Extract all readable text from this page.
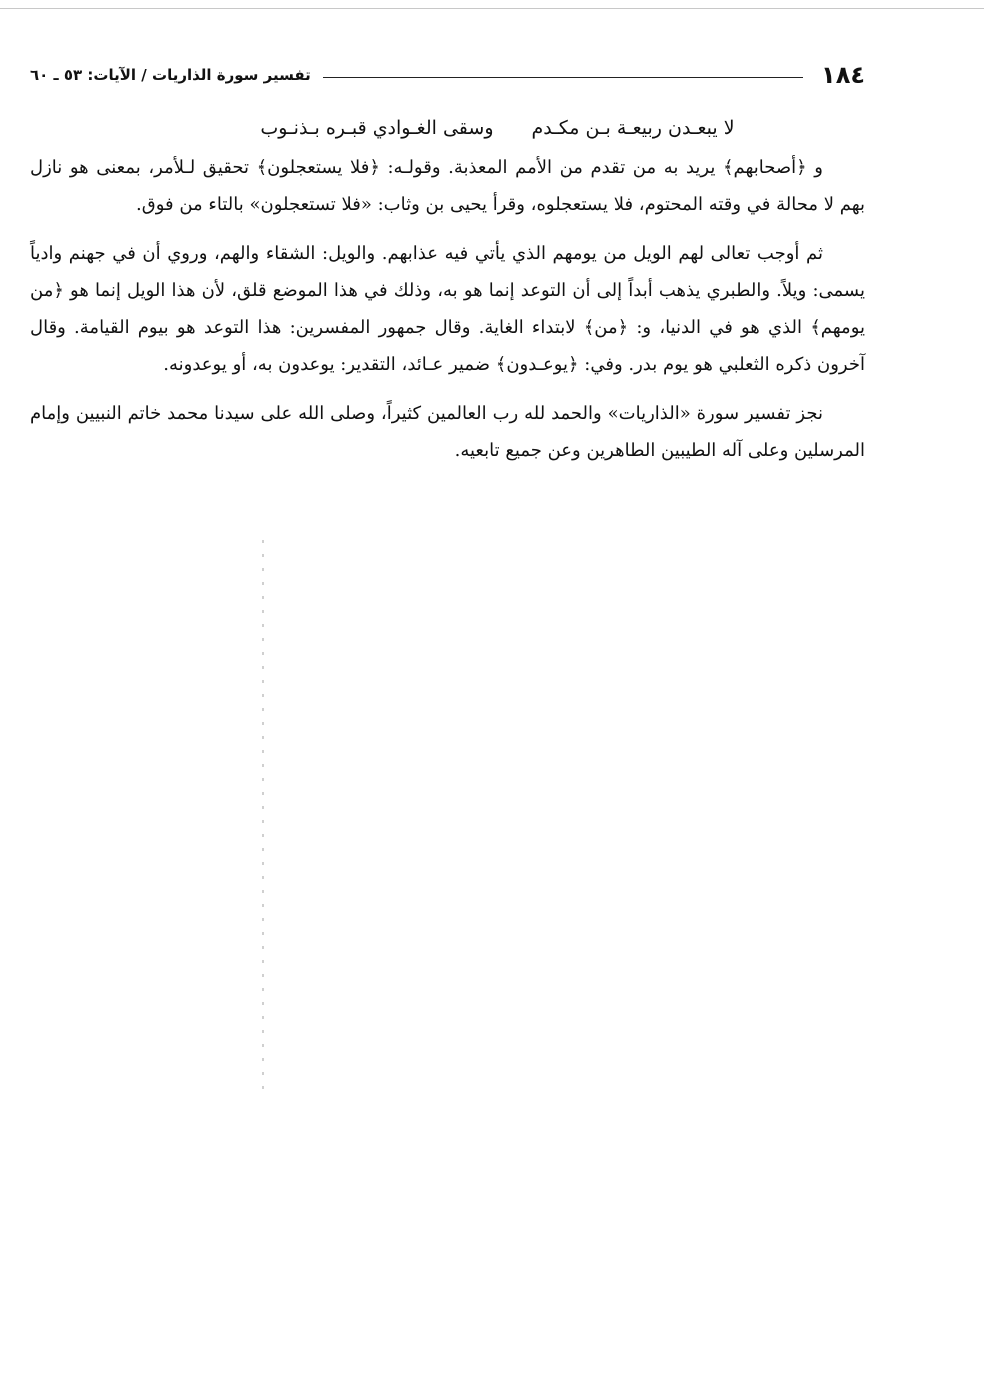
١٨٤
تفسير سورة الذاريات / الآيات: ٥٣ ـ ٦٠
لا يبعـدن ربيعـة بـن مكـدم
وسقى الغـوادي قبـره بـذنـوب

و ﴿أصحابهم﴾ يريد به من تقدم من الأمم المعذبة. وقولـه: ﴿فلا يستعجلون﴾ تحقيق لـلأمر، بمعنى هو نازل بهم لا محالة في وقته المحتوم، فلا يستعجلوه، وقرأ يحيى بن وثاب: «فلا تستعجلون» بالتاء من فوق.

ثم أوجب تعالى لهم الويل من يومهم الذي يأتي فيه عذابهم. والويل: الشقاء والهم، وروي أن في جهنم وادياً يسمى: ويلاً. والطبري يذهب أبداً إلى أن التوعد إنما هو به، وذلك في هذا الموضع قلق، لأن هذا الويل إنما هو ﴿من يومهم﴾ الذي هو في الدنيا، و: ﴿من﴾ لابتداء الغاية. وقال جمهور المفسرين: هذا التوعد هو بيوم القيامة. وقال آخرون ذكره الثعلبي هو يوم بدر. وفي: ﴿يوعـدون﴾ ضمير عـائد، التقدير: يوعدون به، أو يوعدونه.

نجز تفسير سورة «الذاريات» والحمد لله رب العالمين كثيراً، وصلى الله على سيدنا محمد خاتم النبيين وإمام المرسلين وعلى آله الطيبين الطاهرين وعن جميع تابعيه.
